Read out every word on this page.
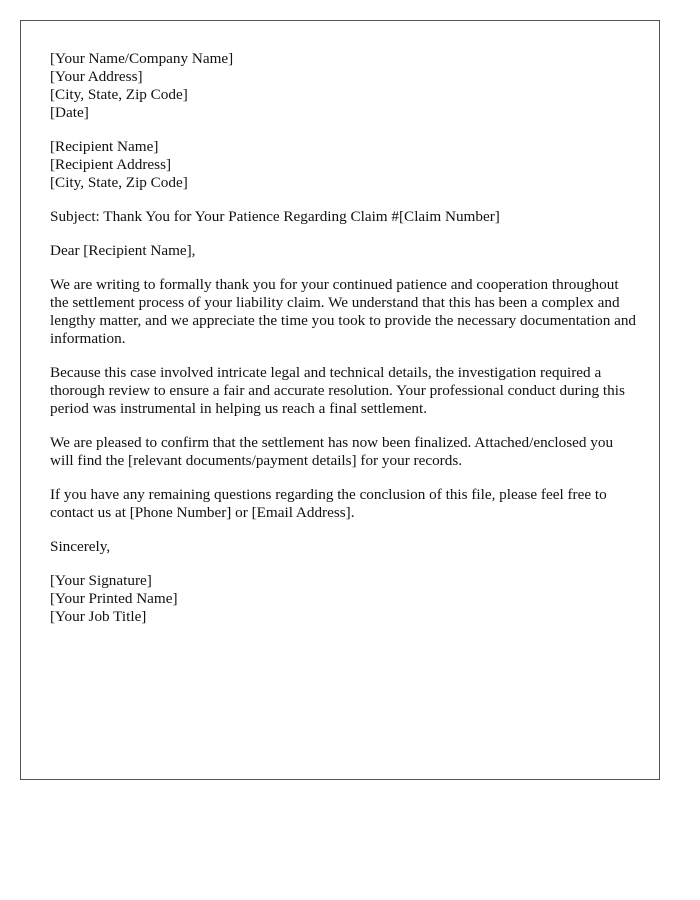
[Your Name/Company Name]
[Your Address]
[City, State, Zip Code]
[Date]
[Recipient Name]
[Recipient Address]
[City, State, Zip Code]
Subject: Thank You for Your Patience Regarding Claim #[Claim Number]
Dear [Recipient Name],

We are writing to formally thank you for your continued patience and cooperation throughout the settlement process of your liability claim. We understand that this has been a complex and lengthy matter, and we appreciate the time you took to provide the necessary documentation and information.

Because this case involved intricate legal and technical details, the investigation required a thorough review to ensure a fair and accurate resolution. Your professional conduct during this period was instrumental in helping us reach a final settlement.

We are pleased to confirm that the settlement has now been finalized. Attached/enclosed you will find the [relevant documents/payment details] for your records.

If you have any remaining questions regarding the conclusion of this file, please feel free to contact us at [Phone Number] or [Email Address].

Sincerely,
[Your Signature]
[Your Printed Name]
[Your Job Title]
